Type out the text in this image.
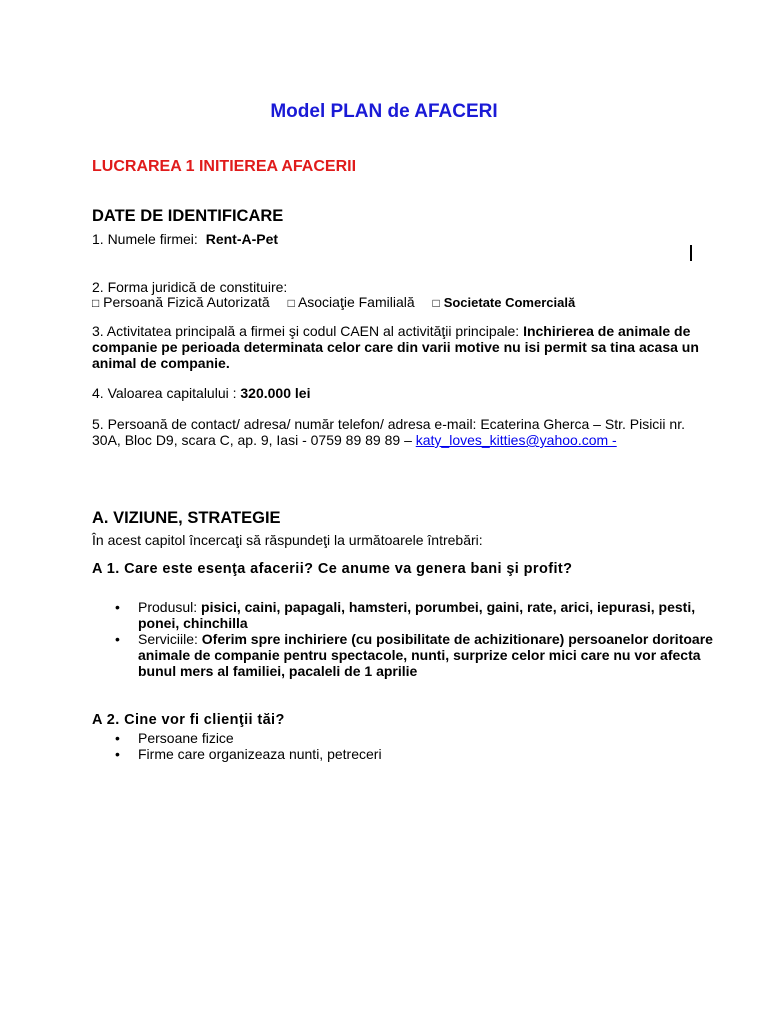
Model PLAN de AFACERI
LUCRAREA 1 INITIEREA AFACERII
DATE DE IDENTIFICARE
1. Numele firmei: Rent-A-Pet
2. Forma juridică de constituire:
□ Persoană Fizică Autorizată □ Asociaţie Familială □ Societate Comercială
3. Activitatea principală a firmei şi codul CAEN al activităţii principale: Inchirierea de animale de companie pe perioada determinata celor care din varii motive nu isi permit sa tina acasa un animal de companie.
4. Valoarea capitalului : 320.000 lei
5. Persoană de contact/ adresa/ număr telefon/ adresa e-mail: Ecaterina Gherca – Str. Pisicii nr. 30A, Bloc D9, scara C, ap. 9, Iasi - 0759 89 89 89 – katy_loves_kitties@yahoo.com -
A. VIZIUNE, STRATEGIE
În acest capitol încercaţi să răspundeţi la următoarele întrebări:
A 1. Care este esenţa afacerii? Ce anume va genera bani şi profit?
• Produsul: pisici, caini, papagali, hamsteri, porumbei, gaini, rate, arici, iepurasi, pesti, ponei, chinchilla
• Serviciile: Oferim spre inchiriere (cu posibilitate de achizitionare) persoanelor doritoare animale de companie pentru spectacole, nunti, surprize celor mici care nu vor afecta bunul mers al familiei, pacaleli de 1 aprilie
A 2. Cine vor fi clienţii tăi?
• Persoane fizice
• Firme care organizeaza nunti, petreceri
